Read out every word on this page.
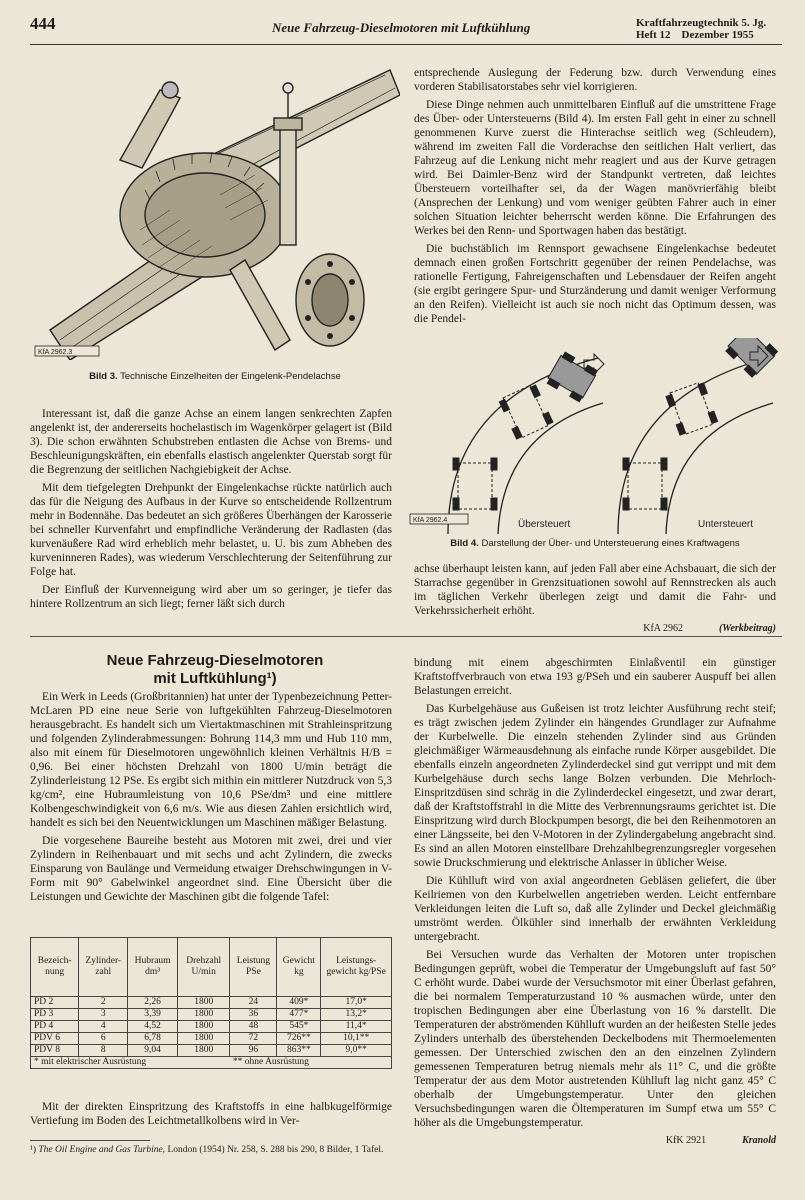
444	Neue Fahrzeug-Dieselmotoren mit Luftkühlung	Kraftfahrzeugtechnik 5. Jg.
Heft 12    Dezember 1955
KfA 2962.3
Bild 3. Technische Einzelheiten der Eingelenk-Pendelachse

Interessant ist, daß die ganze Achse an einem langen senkrechten Zapfen angelenkt ist, der andererseits hochelastisch im Wagenkörper gelagert ist (Bild 3). Die schon erwähnten Schubstreben entlasten die Achse von Brems- und Beschleunigungskräften, ein ebenfalls elastisch angelenkter Querstab sorgt für die Begrenzung der seitlichen Nachgiebigkeit der Achse.

Mit dem tiefgelegten Drehpunkt der Eingelenkachse rückte natürlich auch das für die Neigung des Aufbaus in der Kurve so entscheidende Rollzentrum mehr in Bodennähe. Das bedeutet an sich größeres Überhängen der Karosserie bei schneller Kurvenfahrt und empfindliche Veränderung der Radlasten (das kurvenäußere Rad wird erheblich mehr belastet, u. U. bis zum Abheben des kurveninneren Rades), was wiederum Verschlechterung der Seitenführung zur Folge hat.

Der Einfluß der Kurvenneigung wird aber um so geringer, je tiefer das hintere Rollzentrum an sich liegt; ferner läßt sich durch

entsprechende Auslegung der Federung bzw. durch Verwendung eines vorderen Stabilisatorstabes sehr viel korrigieren.

Diese Dinge nehmen auch unmittelbaren Einfluß auf die umstrittene Frage des Über- oder Untersteuerns (Bild 4). Im ersten Fall geht in einer zu schnell genommenen Kurve zuerst die Hinterachse seitlich weg (Schleudern), während im zweiten Fall die Vorderachse den seitlichen Halt verliert, das Fahrzeug auf die Lenkung nicht mehr reagiert und aus der Kurve getragen wird. Bei Daimler-Benz wird der Standpunkt vertreten, daß leichtes Übersteuern vorteilhafter sei, da der Wagen manövrierfähig bleibt (Ansprechen der Lenkung) und vom weniger geübten Fahrer auch in einer solchen Situation leichter beherrscht werden könne. Die Erfahrungen des Werkes bei den Renn- und Sportwagen haben das bestätigt.

Die buchstäblich im Rennsport gewachsene Eingelenkachse bedeutet demnach einen großen Fortschritt gegenüber der reinen Pendelachse, was rationelle Fertigung, Fahreigenschaften und Lebensdauer der Reifen angeht (sie ergibt geringere Spur- und Sturzänderung und damit weniger Verformung an den Reifen). Vielleicht ist auch sie noch nicht das Optimum dessen, was die Pendel-

KfA 2962.4	Übersteuert	Untersteuert
Bild 4. Darstellung der Über- und Untersteuerung eines Kraftwagens

achse überhaupt leisten kann, auf jeden Fall aber eine Achsbauart, die sich der Starrachse gegenüber in Grenzsituationen sowohl auf Rennstrecken als auch im täglichen Verkehr überlegen zeigt und damit die Fahr- und Verkehrssicherheit erhöht.

KfA 2962	(Werkbeitrag)
Neue Fahrzeug-Dieselmotoren
mit Luftkühlung¹)

Ein Werk in Leeds (Großbritannien) hat unter der Typenbezeichnung Petter-McLaren PD eine neue Serie von luftgekühlten Fahrzeug-Dieselmotoren herausgebracht. Es handelt sich um Viertaktmaschinen mit Strahleinspritzung und folgenden Zylinderabmessungen: Bohrung 114,3 mm und Hub 110 mm, also mit einem für Dieselmotoren ungewöhnlich kleinen Verhältnis H/B = 0,96. Bei einer höchsten Drehzahl von 1800 U/min beträgt die Zylinderleistung 12 PSe. Es ergibt sich mithin ein mittlerer Nutzdruck von 5,3 kg/cm², eine Hubraumleistung von 10,6 PSe/dm³ und eine mittlere Kolbengeschwindigkeit von 6,6 m/s. Wie aus diesen Zahlen ersichtlich wird, handelt es sich bei den Neuentwicklungen um Maschinen mäßiger Belastung.

Die vorgesehene Baureihe besteht aus Motoren mit zwei, drei und vier Zylindern in Reihenbauart und mit sechs und acht Zylindern, die zwecks Einsparung von Baulänge und Vermeidung etwaiger Drehschwingungen in V-Form mit 90° Gabelwinkel angeordnet sind. Eine Übersicht über die Leistungen und Gewichte der Maschinen gibt die folgende Tafel:

Bezeich-nung	Zylinder-zahl	Hubraum dm³	Drehzahl U/min	Leistung PSe	Gewicht kg	Leistungs-gewicht kg/PSe
PD 2	2	2,26	1800	24	409*	17,0*
PD 3	3	3,39	1800	36	477*	13,2*
PD 4	4	4,52	1800	48	545*	11,4*
PDV 6	6	6,78	1800	72	726**	10,1**
PDV 8	8	9,04	1800	96	863**	9,0**
* mit elektrischer Ausrüstung				** ohne Ausrüstung		

Mit der direkten Einspritzung des Kraftstoffs in eine halbkugelförmige Vertiefung im Boden des Leichtmetallkolbens wird in Ver-

¹) The Oil Engine and Gas Turbine, London (1954) Nr. 258, S. 288 bis 290, 8 Bilder, 1 Tafel.

bindung mit einem abgeschirmten Einlaßventil ein günstiger Kraftstoffverbrauch von etwa 193 g/PSeh und ein sauberer Auspuff bei allen Belastungen erreicht.

Das Kurbelgehäuse aus Gußeisen ist trotz leichter Ausführung recht steif; es trägt zwischen jedem Zylinder ein hängendes Grundlager zur Aufnahme der Kurbelwelle. Die einzeln stehenden Zylinder sind aus Gründen gleichmäßiger Wärmeausdehnung als einfache runde Körper ausgebildet. Die ebenfalls einzeln angeordneten Zylinderdeckel sind gut verrippt und mit dem Kurbelgehäuse durch sechs lange Bolzen verbunden. Die Mehrloch-Einspritzdüsen sind schräg in die Zylinderdeckel eingesetzt, und zwar derart, daß der Kraftstoffstrahl in die Mitte des Verbrennungsraums gerichtet ist. Die Einspritzung wird durch Blockpumpen besorgt, die bei den Reihenmotoren an einer Längsseite, bei den V-Motoren in der Zylindergabelung angebracht sind. Es sind an allen Motoren einstellbare Drehzahlbegrenzungsregler vorgesehen sowie Druckschmierung und elektrische Anlasser in üblicher Weise.

Die Kühlluft wird von axial angeordneten Gebläsen geliefert, die über Keilriemen von den Kurbelwellen angetrieben werden. Leicht entfernbare Verkleidungen leiten die Luft so, daß alle Zylinder und Deckel gleichmäßig umströmt werden. Ölkühler sind innerhalb der erwähnten Verkleidung untergebracht.

Bei Versuchen wurde das Verhalten der Motoren unter tropischen Bedingungen geprüft, wobei die Temperatur der Umgebungsluft auf fast 50° C erhöht wurde. Dabei wurde der Versuchsmotor mit einer Überlast gefahren, die bei normalem Temperaturzustand 10 % ausmachen würde, unter den tropischen Bedingungen aber eine Überlastung von 16 % darstellt. Die Temperaturen der abströmenden Kühlluft wurden an der heißesten Stelle jedes Zylinders unterhalb des überstehenden Deckelbodens mit Thermoelementen gemessen. Der Unterschied zwischen den an den einzelnen Zylindern gemessenen Temperaturen betrug niemals mehr als 11° C, und die größte Temperatur der aus dem Motor austretenden Kühlluft lag nicht ganz 45° C oberhalb der Umgebungstemperatur. Unter den gleichen Versuchsbedingungen waren die Öltemperaturen im Sumpf etwa um 55° C höher als die Umgebungstemperatur.

KfK 2921	Kranold
